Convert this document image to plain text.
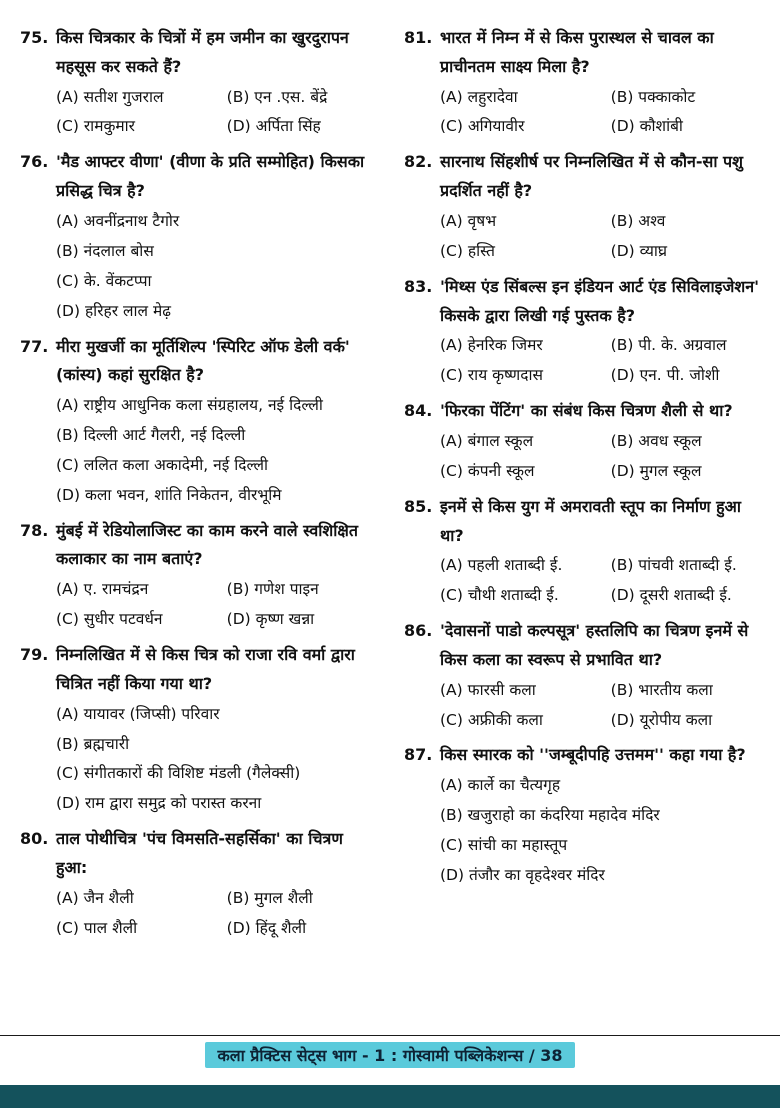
75. किस चित्रकार के चित्रों में हम जमीन का खुरदुरापन महसूस कर सकते हैं?
(A) सतीश गुजराल	(B) एन .एस. बेंद्रे
(C) रामकुमार	(D) अर्पिता सिंह
76. 'मैड आफ्टर वीणा' (वीणा के प्रति सम्मोहित) किसका प्रसिद्ध चित्र है?
(A) अवनींद्रनाथ टैगोर
(B) नंदलाल बोस
(C) के. वेंकटप्पा
(D) हरिहर लाल मेढ़
77. मीरा मुखर्जी का मूर्तिशिल्प 'स्पिरिट ऑफ डेली वर्क' (कांस्य) कहां सुरक्षित है?
(A) राष्ट्रीय आधुनिक कला संग्रहालय, नई दिल्ली
(B) दिल्ली आर्ट गैलरी, नई दिल्ली
(C) ललित कला अकादेमी, नई दिल्ली
(D) कला भवन, शांति निकेतन, वीरभूमि
78. मुंबई में रेडियोलाजिस्ट का काम करने वाले स्वशिक्षित कलाकार का नाम बताएं?
(A) ए. रामचंद्रन	(B) गणेश पाइन
(C) सुधीर पटवर्धन	(D) कृष्ण खन्ना
79. निम्नलिखित में से किस चित्र को राजा रवि वर्मा द्वारा चित्रित नहीं किया गया था?
(A) यायावर (जिप्सी) परिवार
(B) ब्रह्मचारी
(C) संगीतकारों की विशिष्ट मंडली (गैलेक्सी)
(D) राम द्वारा समुद्र को परास्त करना
80. ताल पोथीचित्र 'पंच विमसति-सहर्सिका' का चित्रण हुआ:
(A) जैन शैली	(B) मुगल शैली
(C) पाल शैली	(D) हिंदू शैली
81. भारत में निम्न में से किस पुरास्थल से चावल का प्राचीनतम साक्ष्य मिला है?
(A) लहुरादेवा	(B) पक्काकोट
(C) अगियावीर	(D) कौशांबी
82. सारनाथ सिंहशीर्ष पर निम्नलिखित में से कौन-सा पशु प्रदर्शित नहीं है?
(A) वृषभ	(B) अश्व
(C) हस्ति	(D) व्याघ्र
83. 'मिथ्स एंड सिंबल्स इन इंडियन आर्ट एंड सिविलाइजेशन' किसके द्वारा लिखी गई पुस्तक है?
(A) हेनरिक जिमर	(B) पी. के. अग्रवाल
(C) राय कृष्णदास	(D) एन. पी. जोशी
84. 'फिरका पेंटिंग' का संबंध किस चित्रण शैली से था?
(A) बंगाल स्कूल	(B) अवध स्कूल
(C) कंपनी स्कूल	(D) मुगल स्कूल
85. इनमें से किस युग में अमरावती स्तूप का निर्माण हुआ था?
(A) पहली शताब्दी ई.	(B) पांचवी शताब्दी ई.
(C) चौथी शताब्दी ई.	(D) दूसरी शताब्दी ई.
86. 'देवासनों पाडो कल्पसूत्र' हस्तलिपि का चित्रण इनमें से किस कला का स्वरूप से प्रभावित था?
(A) फारसी कला	(B) भारतीय कला
(C) अफ्रीकी कला	(D) यूरोपीय कला
87. किस स्मारक को ''जम्बूदीपहि उत्तमम'' कहा गया है?
(A) कार्ले का चैत्यगृह
(B) खजुराहो का कंदरिया महादेव मंदिर
(C) सांची का महास्तूप
(D) तंजौर का वृहदेश्वर मंदिर
कला प्रैक्टिस सेट्स भाग - 1 : गोस्वामी पब्लिकेशन्स / 38
